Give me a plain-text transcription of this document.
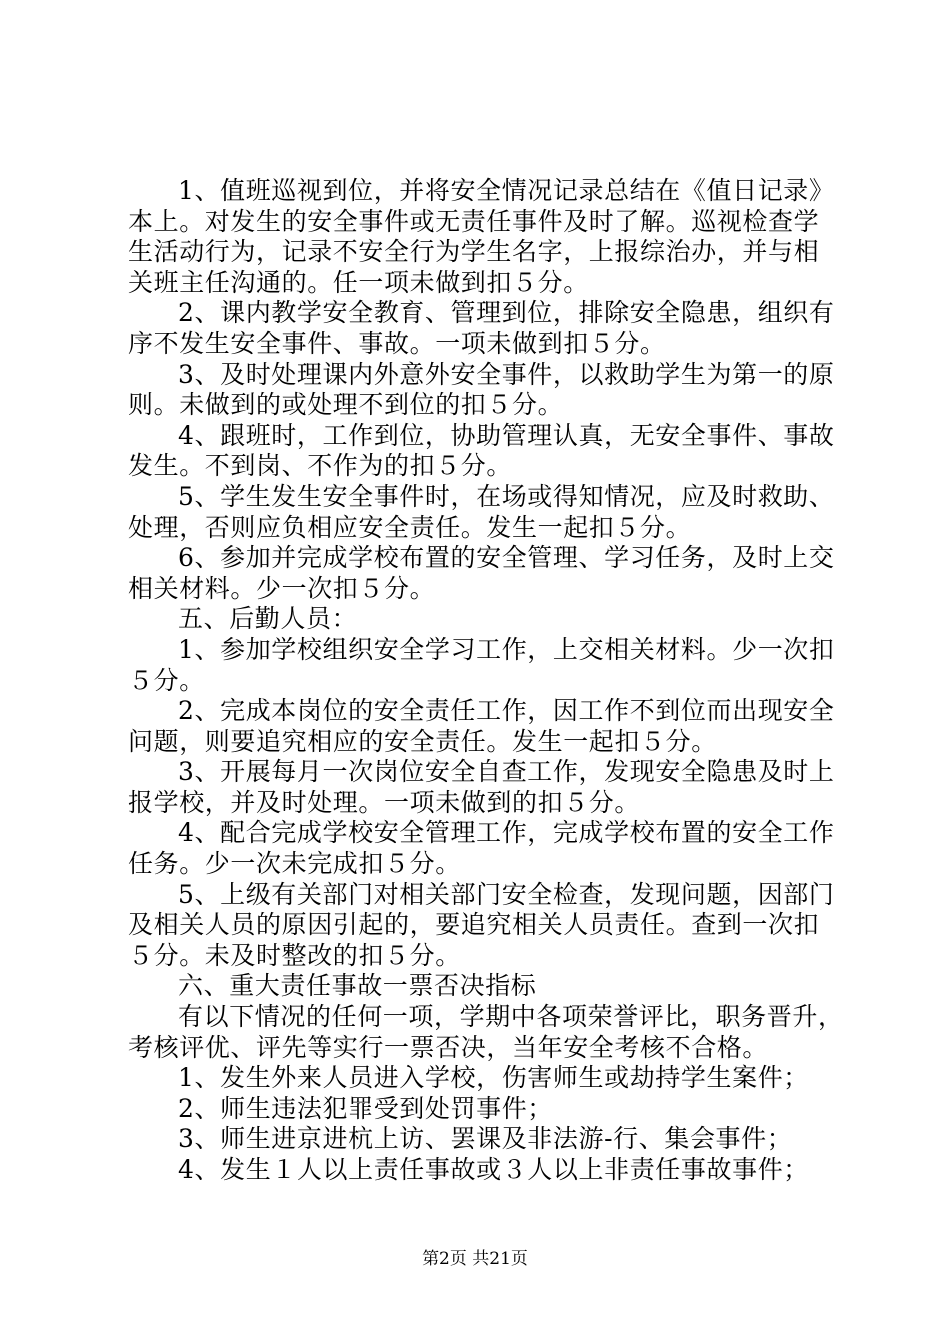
1、值班巡视到位，并将安全情况记录总结在《值日记录》
本上。对发生的安全事件或无责任事件及时了解。巡视检查学
生活动行为，记录不安全行为学生名字，上报综治办，并与相
关班主任沟通的。任一项未做到扣５分。
2、课内教学安全教育、管理到位，排除安全隐患，组织有
序不发生安全事件、事故。一项未做到扣５分。
3、及时处理课内外意外安全事件，以救助学生为第一的原
则。未做到的或处理不到位的扣５分。
4、跟班时，工作到位，协助管理认真，无安全事件、事故
发生。不到岗、不作为的扣５分。
5、学生发生安全事件时，在场或得知情况，应及时救助、
处理，否则应负相应安全责任。发生一起扣５分。
6、参加并完成学校布置的安全管理、学习任务，及时上交
相关材料。少一次扣５分。
五、后勤人员：
1、参加学校组织安全学习工作，上交相关材料。少一次扣
５分。
2、完成本岗位的安全责任工作，因工作不到位而出现安全
问题，则要追究相应的安全责任。发生一起扣５分。
3、开展每月一次岗位安全自查工作，发现安全隐患及时上
报学校，并及时处理。一项未做到的扣５分。
4、配合完成学校安全管理工作，完成学校布置的安全工作
任务。少一次未完成扣５分。
5、上级有关部门对相关部门安全检查，发现问题，因部门
及相关人员的原因引起的，要追究相关人员责任。查到一次扣
５分。未及时整改的扣５分。
六、重大责任事故一票否决指标
有以下情况的任何一项，学期中各项荣誉评比，职务晋升，
考核评优、评先等实行一票否决，当年安全考核不合格。
1、发生外来人员进入学校，伤害师生或劫持学生案件；
2、师生违法犯罪受到处罚事件；
3、师生进京进杭上访、罢课及非法游-行、集会事件；
4、发生１人以上责任事故或３人以上非责任事故事件；
第2页 共21页
